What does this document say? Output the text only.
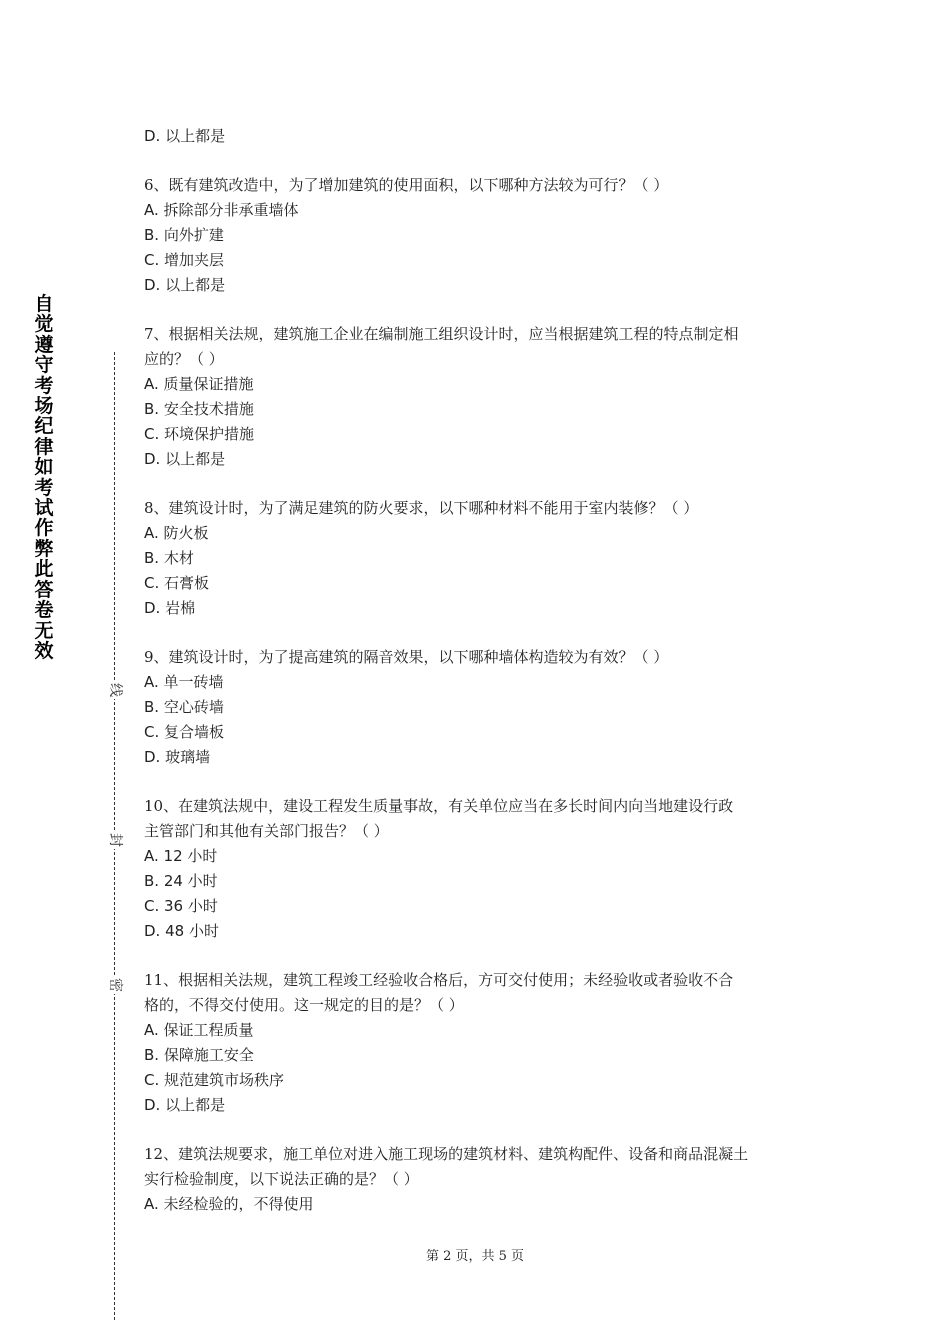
自觉遵守考场纪律如考试作弊此答卷无效
线
封
密
D. 以上都是
6、既有建筑改造中，为了增加建筑的使用面积，以下哪种方法较为可行？（ ）
A. 拆除部分非承重墙体
B. 向外扩建
C. 增加夹层
D. 以上都是
7、根据相关法规，建筑施工企业在编制施工组织设计时，应当根据建筑工程的特点制定相
应的？（ ）
A. 质量保证措施
B. 安全技术措施
C. 环境保护措施
D. 以上都是
8、建筑设计时，为了满足建筑的防火要求，以下哪种材料不能用于室内装修？（ ）
A. 防火板
B. 木材
C. 石膏板
D. 岩棉
9、建筑设计时，为了提高建筑的隔音效果，以下哪种墙体构造较为有效？（ ）
A. 单一砖墙
B. 空心砖墙
C. 复合墙板
D. 玻璃墙
10、在建筑法规中，建设工程发生质量事故，有关单位应当在多长时间内向当地建设行政
主管部门和其他有关部门报告？（ ）
A. 12 小时
B. 24 小时
C. 36 小时
D. 48 小时
11、根据相关法规，建筑工程竣工经验收合格后，方可交付使用；未经验收或者验收不合
格的，不得交付使用。这一规定的目的是？（ ）
A. 保证工程质量
B. 保障施工安全
C. 规范建筑市场秩序
D. 以上都是
12、建筑法规要求，施工单位对进入施工现场的建筑材料、建筑构配件、设备和商品混凝土
实行检验制度，以下说法正确的是？（ ）
A. 未经检验的，不得使用
第 2 页，共 5 页
